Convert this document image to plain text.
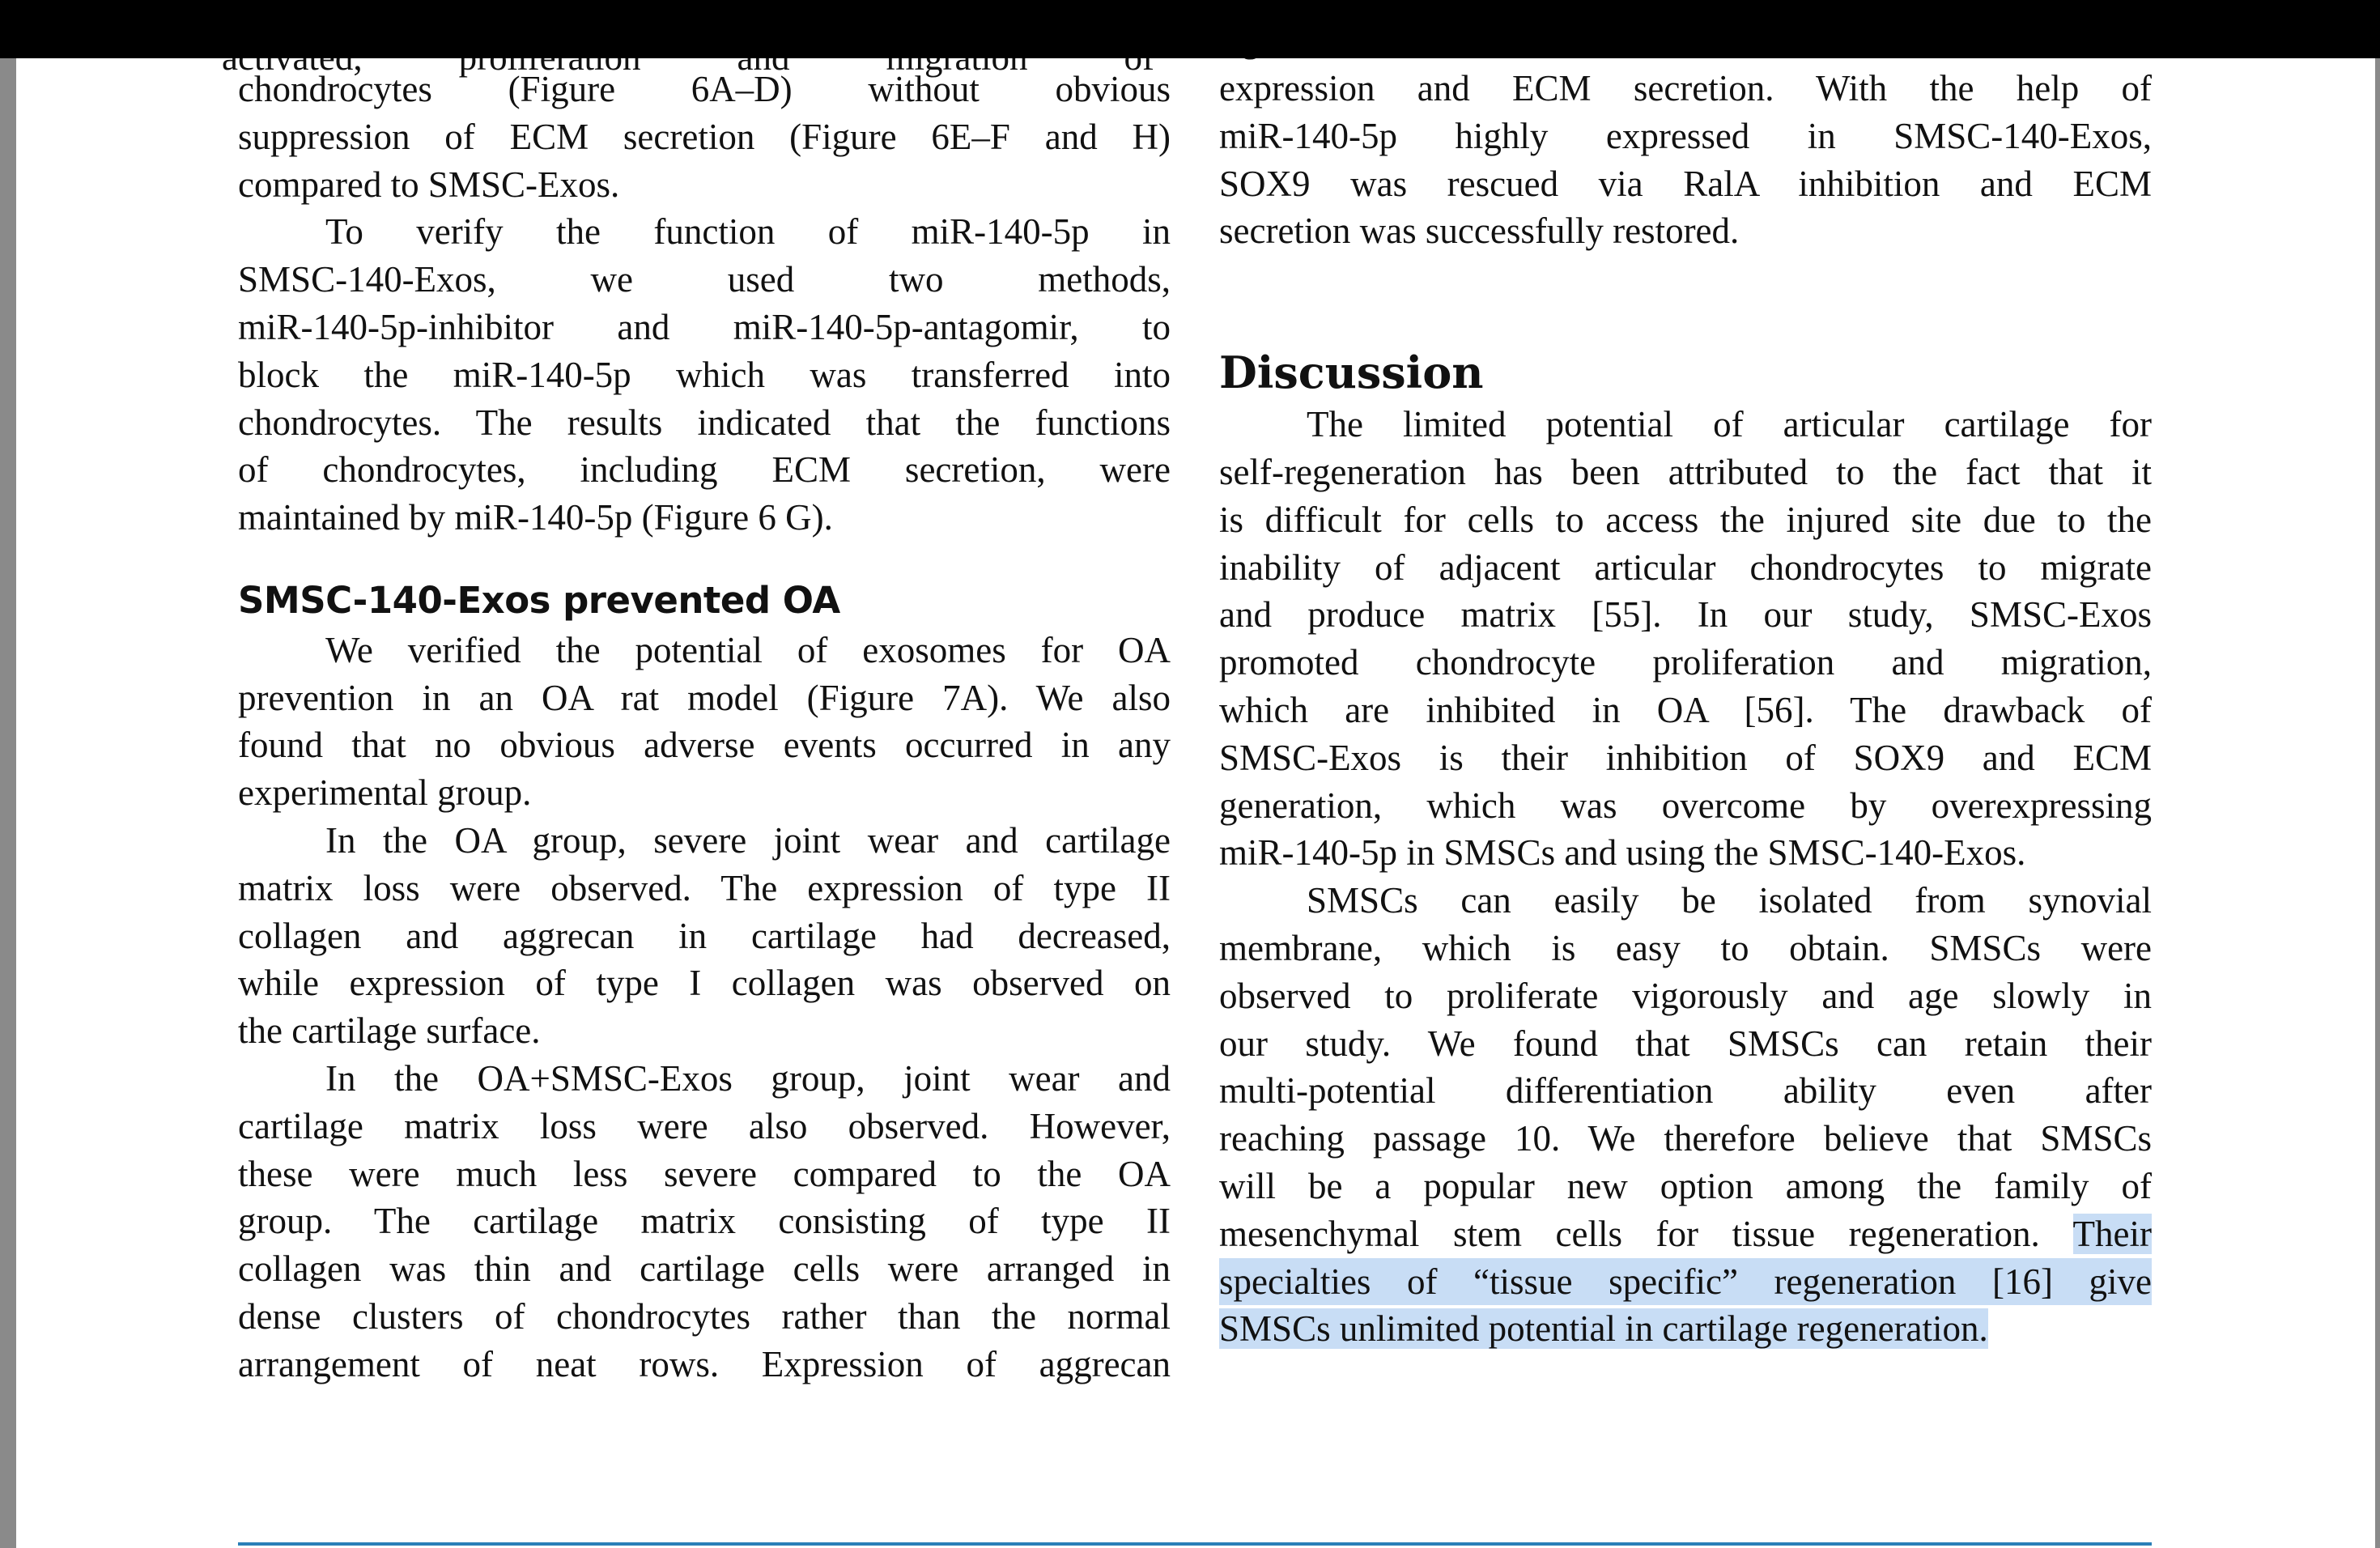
chondrocytes (Figure 6A–D) without obvious
suppression of ECM secretion (Figure 6E–F and H)
compared to SMSC-Exos.
To verify the function of miR-140-5p in
SMSC-140-Exos, we used two methods,
miR-140-5p-inhibitor and miR-140-5p-antagomir, to
block the miR-140-5p which was transferred into
chondrocytes. The results indicated that the functions
of chondrocytes, including ECM secretion, were
maintained by miR-140-5p (Figure 6 G).
SMSC-140-Exos prevented OA
We verified the potential of exosomes for OA
prevention in an OA rat model (Figure 7A). We also
found that no obvious adverse events occurred in any
experimental group.
In the OA group, severe joint wear and cartilage
matrix loss were observed. The expression of type II
collagen and aggrecan in cartilage had decreased,
while expression of type I collagen was observed on
the cartilage surface.
In the OA+SMSC-Exos group, joint wear and
cartilage matrix loss were also observed. However,
these were much less severe compared to the OA
group. The cartilage matrix consisting of type II
collagen was thin and cartilage cells were arranged in
dense clusters of chondrocytes rather than the normal
arrangement of neat rows. Expression of aggrecan
expression and ECM secretion. With the help of
miR-140-5p highly expressed in SMSC-140-Exos,
SOX9 was rescued via RalA inhibition and ECM
secretion was successfully restored.
Discussion
The limited potential of articular cartilage for
self-regeneration has been attributed to the fact that it
is difficult for cells to access the injured site due to the
inability of adjacent articular chondrocytes to migrate
and produce matrix [55]. In our study, SMSC-Exos
promoted chondrocyte proliferation and migration,
which are inhibited in OA [56]. The drawback of
SMSC-Exos is their inhibition of SOX9 and ECM
generation, which was overcome by overexpressing
miR-140-5p in SMSCs and using the SMSC-140-Exos.
SMSCs can easily be isolated from synovial
membrane, which is easy to obtain. SMSCs were
observed to proliferate vigorously and age slowly in
our study. We found that SMSCs can retain their
multi-potential differentiation ability even after
reaching passage 10. We therefore believe that SMSCs
will be a popular new option among the family of
mesenchymal stem cells for tissue regeneration. Their
specialties of “tissue specific” regeneration [16] give
SMSCs unlimited potential in cartilage regeneration.
